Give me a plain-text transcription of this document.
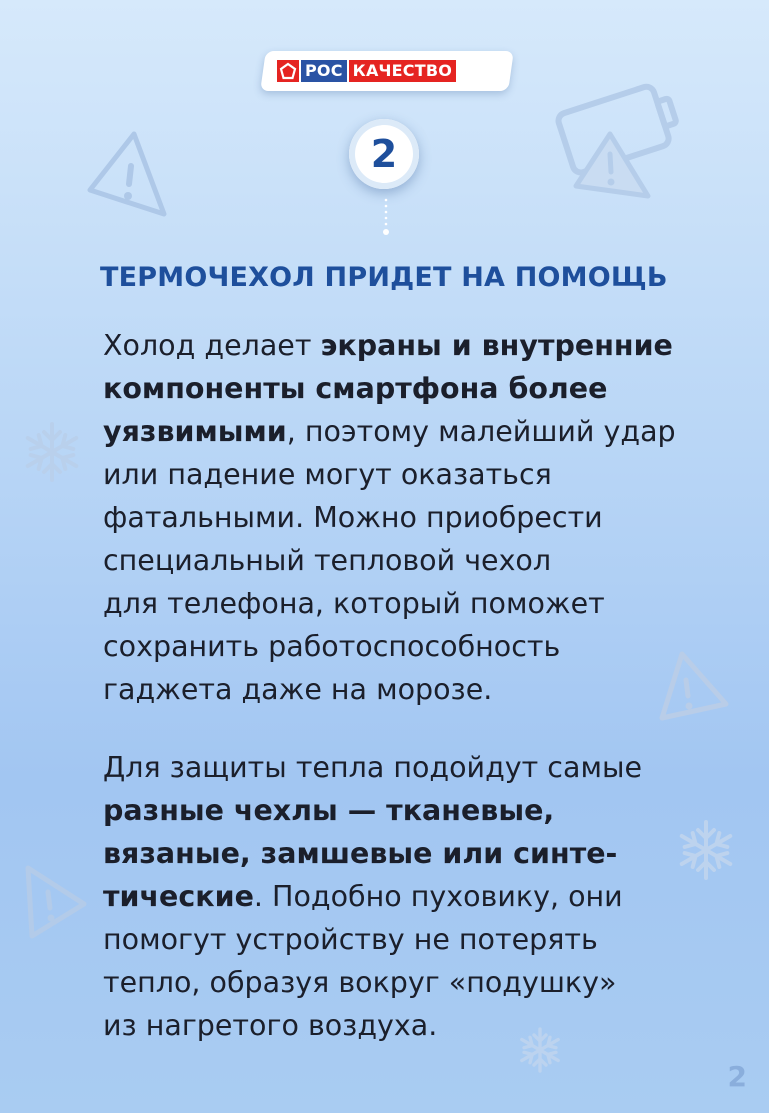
РОС КАЧЕСТВО
2
ТЕРМОЧЕХОЛ ПРИДЕТ НА ПОМОЩЬ
Холод делает экраны и внутренние
компоненты смартфона более
уязвимыми, поэтому малейший удар
или падение могут оказаться
фатальными. Можно приобрести
специальный тепловой чехол
для телефона, который поможет
сохранить работоспособность
гаджета даже на морозе.
Для защиты тепла подойдут самые
разные чехлы — тканевые,
вязаные, замшевые или синте-
тические. Подобно пуховику, они
помогут устройству не потерять
тепло, образуя вокруг «подушку»
из нагретого воздуха.
2
